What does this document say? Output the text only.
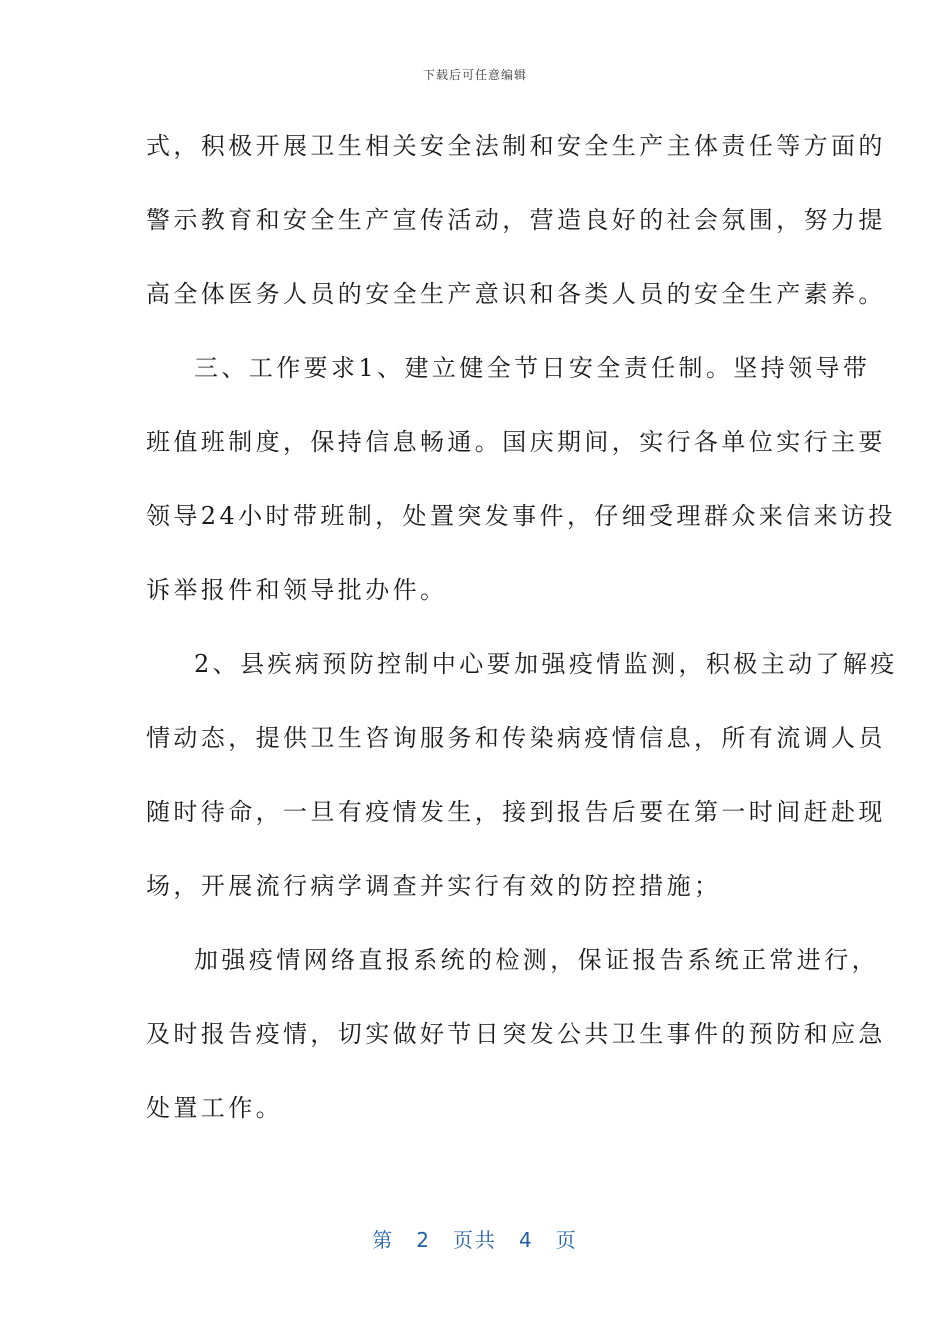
下载后可任意编辑
式，积极开展卫生相关安全法制和安全生产主体责任等方面的
警示教育和安全生产宣传活动，营造良好的社会氛围，努力提
高全体医务人员的安全生产意识和各类人员的安全生产素养。
三、工作要求1、建立健全节日安全责任制。坚持领导带
班值班制度，保持信息畅通。国庆期间，实行各单位实行主要
领导24小时带班制，处置突发事件，仔细受理群众来信来访投
诉举报件和领导批办件。
2、县疾病预防控制中心要加强疫情监测，积极主动了解疫
情动态，提供卫生咨询服务和传染病疫情信息，所有流调人员
随时待命，一旦有疫情发生，接到报告后要在第一时间赶赴现
场，开展流行病学调查并实行有效的防控措施；
加强疫情网络直报系统的检测，保证报告系统正常进行，
及时报告疫情，切实做好节日突发公共卫生事件的预防和应急
处置工作。
第 2 页共 4 页
